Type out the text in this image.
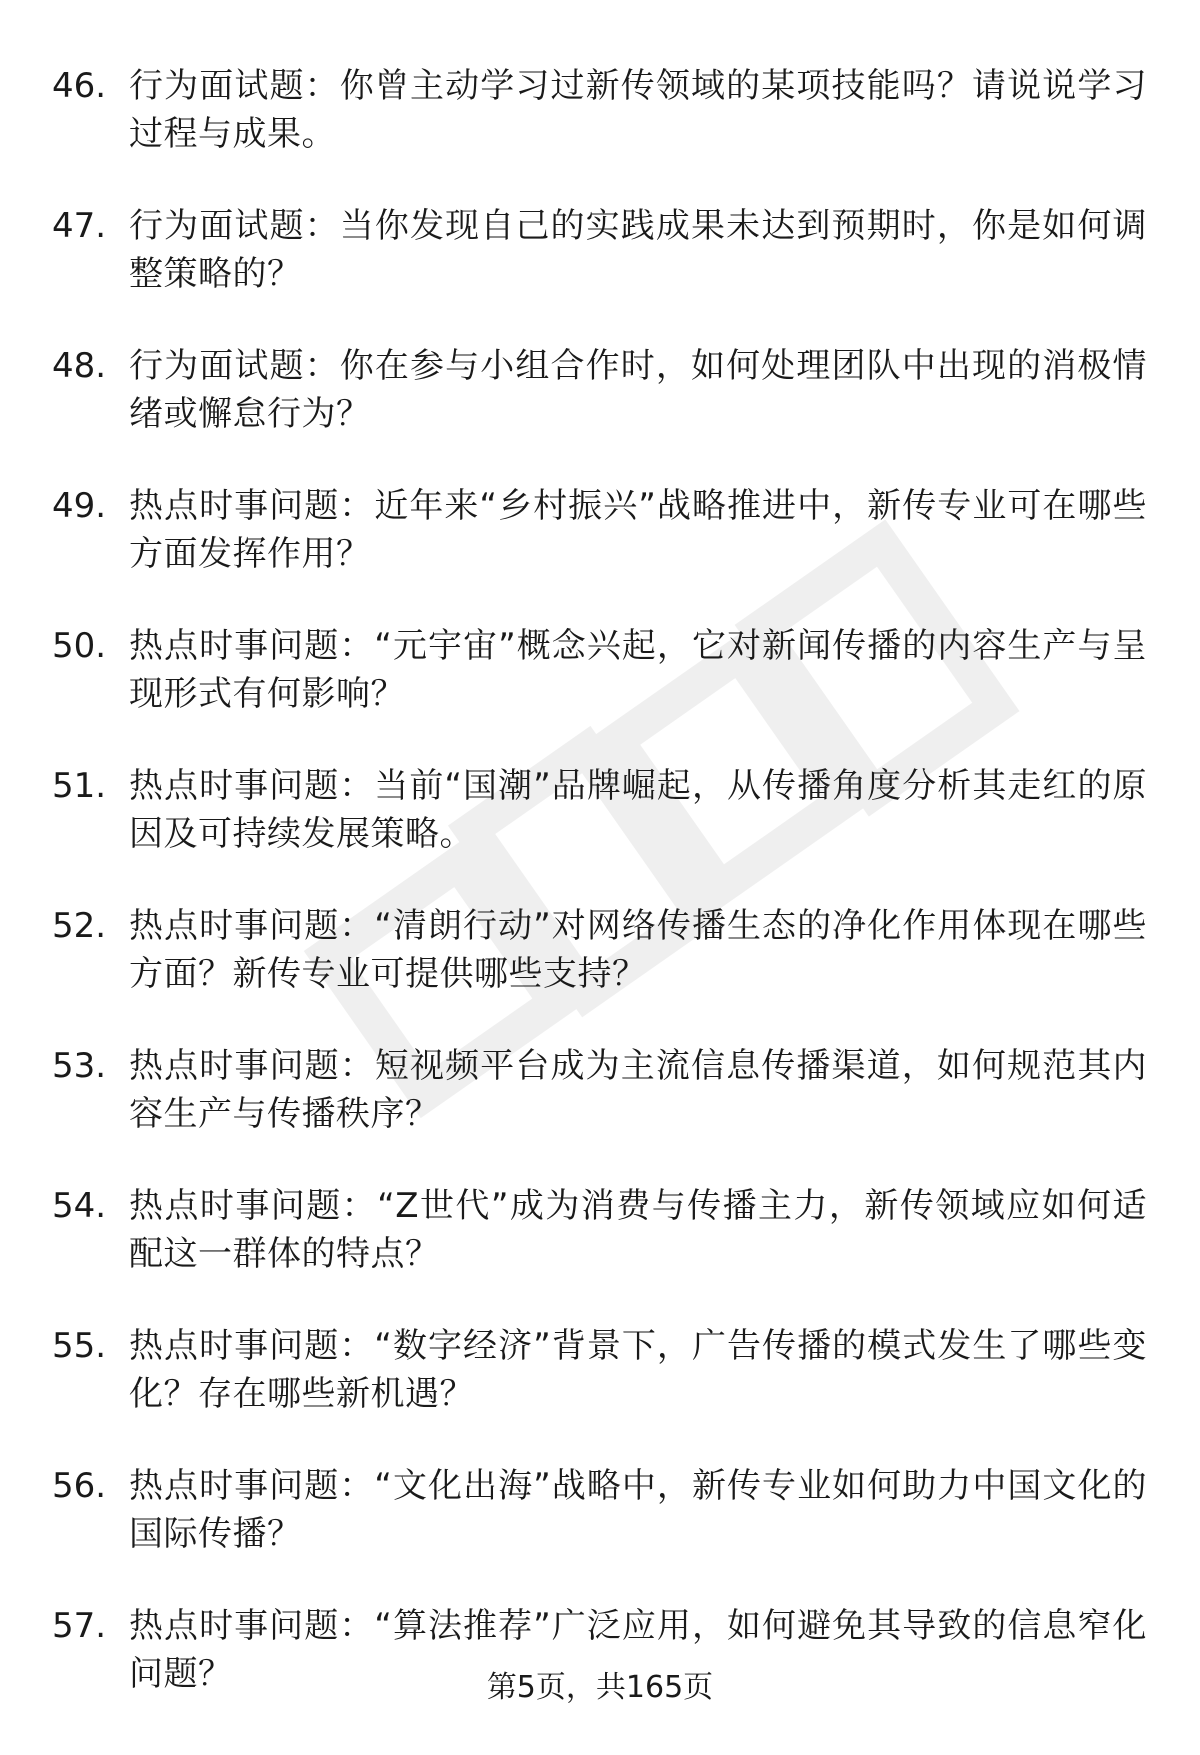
46. 行为面试题：你曾主动学习过新传领域的某项技能吗？请说说学习过程与成果。
47. 行为面试题：当你发现自己的实践成果未达到预期时，你是如何调整策略的？
48. 行为面试题：你在参与小组合作时，如何处理团队中出现的消极情绪或懈怠行为？
49. 热点时事问题：近年来“乡村振兴”战略推进中，新传专业可在哪些方面发挥作用？
50. 热点时事问题：“元宇宙”概念兴起，它对新闻传播的内容生产与呈现形式有何影响？
51. 热点时事问题：当前“国潮”品牌崛起，从传播角度分析其走红的原因及可持续发展策略。
52. 热点时事问题：“清朗行动”对网络传播生态的净化作用体现在哪些方面？新传专业可提供哪些支持？
53. 热点时事问题：短视频平台成为主流信息传播渠道，如何规范其内容生产与传播秩序？
54. 热点时事问题：“Z世代”成为消费与传播主力，新传领域应如何适配这一群体的特点？
55. 热点时事问题：“数字经济”背景下，广告传播的模式发生了哪些变化？存在哪些新机遇？
56. 热点时事问题：“文化出海”战略中，新传专业如何助力中国文化的国际传播？
57. 热点时事问题：“算法推荐”广泛应用，如何避免其导致的信息窄化问题？	第5页，共165页
